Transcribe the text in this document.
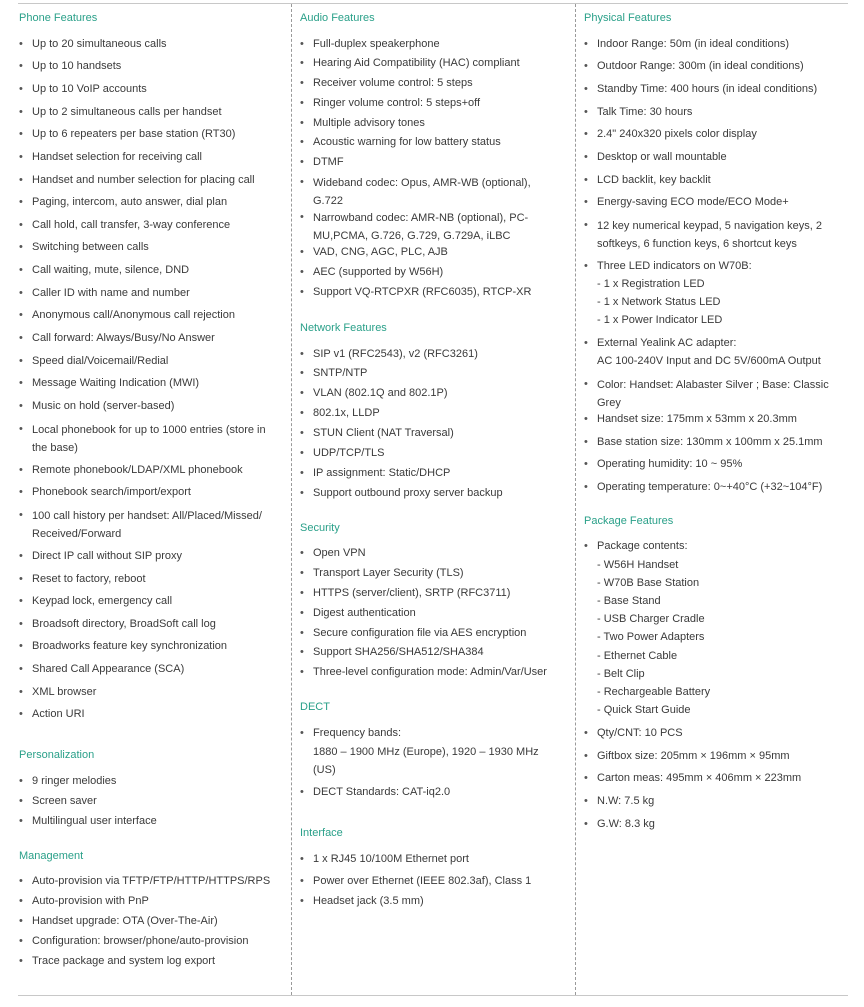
Phone Features
• Up to 20 simultaneous calls
• Up to 10 handsets
• Up to 10 VoIP accounts
• Up to 2 simultaneous calls per handset
• Up to 6 repeaters per base station (RT30)
• Handset selection for receiving call
• Handset and number selection for placing call
• Paging, intercom, auto answer, dial plan
• Call hold, call transfer, 3-way conference
• Switching between calls
• Call waiting, mute, silence, DND
• Caller ID with name and number
• Anonymous call/Anonymous call rejection
• Call forward: Always/Busy/No Answer
• Speed dial/Voicemail/Redial
• Message Waiting Indication (MWI)
• Music on hold (server-based)
• Local phonebook for up to 1000 entries (store in the base)
• Remote phonebook/LDAP/XML phonebook
• Phonebook search/import/export
• 100 call history per handset: All/Placed/Missed/ Received/Forward
• Direct IP call without SIP proxy
• Reset to factory, reboot
• Keypad lock, emergency call
• Broadsoft directory, BroadSoft call log
• Broadworks feature key synchronization
• Shared Call Appearance (SCA)
• XML browser
• Action URI
Personalization
• 9 ringer melodies
• Screen saver
• Multilingual user interface
Management
• Auto-provision via TFTP/FTP/HTTP/HTTPS/RPS
• Auto-provision with PnP
• Handset upgrade: OTA (Over-The-Air)
• Configuration: browser/phone/auto-provision
• Trace package and system log export
Audio Features
• Full-duplex speakerphone
• Hearing Aid Compatibility (HAC) compliant
• Receiver volume control: 5 steps
• Ringer volume control: 5 steps+off
• Multiple advisory tones
• Acoustic warning for low battery status
• DTMF
• Wideband codec: Opus, AMR-WB (optional), G.722
• Narrowband codec: AMR-NB (optional), PC-MU,PCMA, G.726, G.729, G.729A, iLBC
• VAD, CNG, AGC, PLC, AJB
• AEC (supported by W56H)
• Support VQ-RTCPXR (RFC6035), RTCP-XR
Network Features
• SIP v1 (RFC2543), v2 (RFC3261)
• SNTP/NTP
• VLAN (802.1Q and 802.1P)
• 802.1x, LLDP
• STUN Client (NAT Traversal)
• UDP/TCP/TLS
• IP assignment: Static/DHCP
• Support outbound proxy server backup
Security
• Open VPN
• Transport Layer Security (TLS)
• HTTPS (server/client), SRTP (RFC3711)
• Digest authentication
• Secure configuration file via AES encryption
• Support SHA256/SHA512/SHA384
• Three-level configuration mode: Admin/Var/User
DECT
• Frequency bands:
1880 – 1900 MHz (Europe), 1920 – 1930 MHz (US)
• DECT Standards: CAT-iq2.0
Interface
• 1 x RJ45 10/100M Ethernet port
• Power over Ethernet (IEEE 802.3af), Class 1
• Headset jack (3.5 mm)
Physical Features
• Indoor Range: 50m (in ideal conditions)
• Outdoor Range: 300m (in ideal conditions)
• Standby Time: 400 hours (in ideal conditions)
• Talk Time: 30 hours
• 2.4" 240x320 pixels color display
• Desktop or wall mountable
• LCD backlit, key backlit
• Energy-saving ECO mode/ECO Mode+
• 12 key numerical keypad, 5 navigation keys, 2 softkeys, 6 function keys, 6 shortcut keys
• Three LED indicators on W70B:
- 1 x Registration LED
- 1 x Network Status LED
- 1 x Power Indicator LED
• External Yealink AC adapter:
AC 100-240V Input and DC 5V/600mA Output
• Color: Handset: Alabaster Silver ; Base: Classic Grey
• Handset size: 175mm x 53mm x 20.3mm
• Base station size: 130mm x 100mm x 25.1mm
• Operating humidity: 10 ~ 95%
• Operating temperature: 0~+40°C (+32~104°F)
Package Features
• Package contents:
- W56H Handset
- W70B Base Station
- Base Stand
- USB Charger Cradle
- Two Power Adapters
- Ethernet Cable
- Belt Clip
- Rechargeable Battery
- Quick Start Guide
• Qty/CNT: 10 PCS
• Giftbox size: 205mm × 196mm × 95mm
• Carton meas: 495mm × 406mm × 223mm
• N.W: 7.5 kg
• G.W: 8.3 kg
